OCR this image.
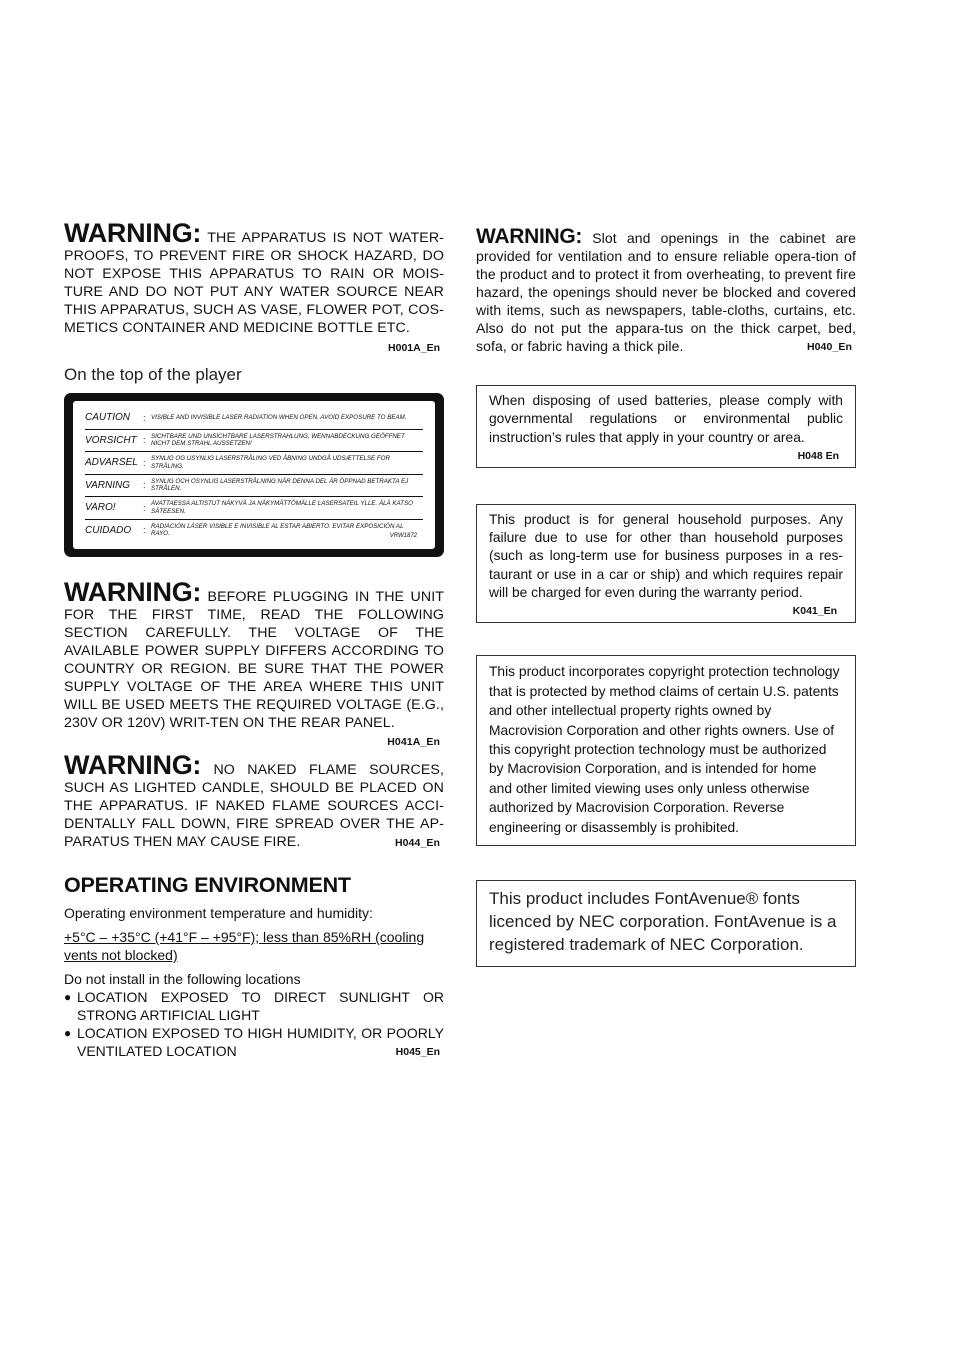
WARNING: THE APPARATUS IS NOT WATER-PROOFS, TO PREVENT FIRE OR SHOCK HAZARD, DO NOT EXPOSE THIS APPARATUS TO RAIN OR MOIS-TURE AND DO NOT PUT ANY WATER SOURCE NEAR THIS APPARATUS, SUCH AS VASE, FLOWER POT, COS-METICS CONTAINER AND MEDICINE BOTTLE ETC.
H001A_En
On the top of the player
CAUTION	: VISIBLE AND INVISIBLE LASER RADIATION WHEN OPEN. AVOID EXPOSURE TO BEAM.
VORSICHT : SICHTBARE UND UNSICHTBARE LASERSTRAHLUNG, WENNABDECKUNG GEÖFFNET NICHT DEM STRAHL AUSSETZEN!
ADVARSEL : SYNLIG OG USYNLIG LASERSTRÅLING VED ÅBNING UNDGÅ UDSÆTTELSE FOR STRÅLING.
VARNING	: SYNLIG OCH OSYNLIG LASERSTRÅLNING NÄR DENNA DEL ÄR ÖPPNAD BETRAKTA EJ STRÅLEN.
VARO!	: AVATTAESSA ALTISTUT NÄKYVÄ JA NÄKYMÄTTÖMÄLLE LASERSATEIL YLLE. ÄLÄ KATSO SÄTEESEN.
CUIDADO	: RADIACIÓN LÁSER VISIBLE E INVISIBLE AL ESTAR ABIERTO. EVITAR EXPOSICIÓN AL RAYO.	VRW1872
WARNING: BEFORE PLUGGING IN THE UNIT FOR THE FIRST TIME, READ THE FOLLOWING SECTION CAREFULLY. THE VOLTAGE OF THE AVAILABLE POWER SUPPLY DIFFERS ACCORDING TO COUNTRY OR REGION. BE SURE THAT THE POWER SUPPLY VOLTAGE OF THE AREA WHERE THIS UNIT WILL BE USED MEETS THE REQUIRED VOLTAGE (E.G., 230V OR 120V) WRIT-TEN ON THE REAR PANEL.
H041A_En
WARNING: NO NAKED FLAME SOURCES, SUCH AS LIGHTED CANDLE, SHOULD BE PLACED ON THE APPARATUS. IF NAKED FLAME SOURCES ACCI-DENTALLY FALL DOWN, FIRE SPREAD OVER THE AP-PARATUS THEN MAY CAUSE FIRE.	H044_En
OPERATING ENVIRONMENT

Operating environment temperature and humidity:

+5°C – +35°C (+41°F – +95°F); less than 85%RH (cooling vents not blocked)

Do not install in the following locations

● LOCATION EXPOSED TO DIRECT SUNLIGHT OR STRONG ARTIFICIAL LIGHT
● LOCATION EXPOSED TO HIGH HUMIDITY, OR POORLY VENTILATED LOCATION	H045_En
WARNING: Slot and openings in the cabinet are provided for ventilation and to ensure reliable opera-tion of the product and to protect it from overheating, to prevent fire hazard, the openings should never be blocked and covered with items, such as newspapers, table-cloths, curtains, etc. Also do not put the appara-tus on the thick carpet, bed, sofa, or fabric having a thick pile.	H040_En

When disposing of used batteries, please comply with governmental regulations or environmental public instruction’s rules that apply in your country or area.

H048 En

This product is for general household purposes. Any failure due to use for other than household purposes (such as long-term use for business purposes in a res-taurant or use in a car or ship) and which requires repair will be charged for even during the warranty period.

K041_En

This product incorporates copyright protection technology that is protected by method claims of certain U.S. patents and other intellectual property rights owned by Macrovision Corporation and other rights owners. Use of this copyright protection technology must be authorized by Macrovision Corporation, and is intended for home and other limited viewing uses only unless otherwise authorized by Macrovision Corporation. Reverse engineering or disassembly is prohibited.

This product includes FontAvenue® fonts licenced by NEC corporation. FontAvenue is a registered trademark of NEC Corporation.
